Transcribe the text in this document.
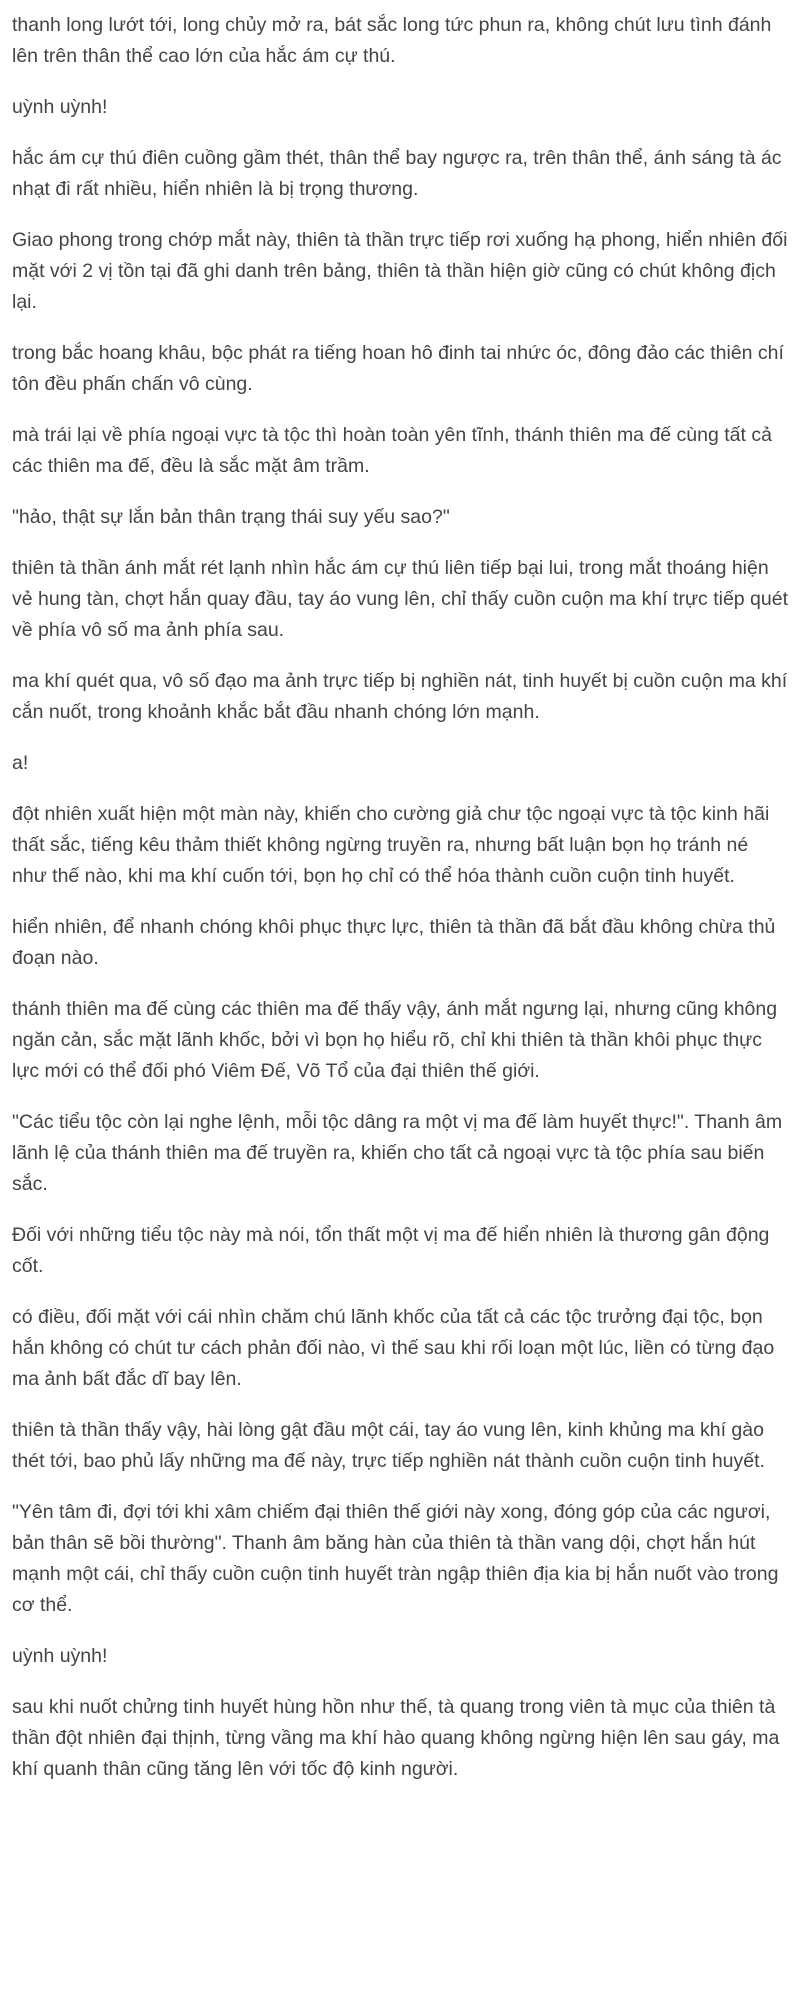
thanh long lướt tới, long chủy mở ra, bát sắc long tức phun ra, không chút lưu tình đánh lên trên thân thể cao lớn của hắc ám cự thú.

uỳnh uỳnh!

hắc ám cự thú điên cuồng gầm thét, thân thể bay ngược ra, trên thân thể, ánh sáng tà ác nhạt đi rất nhiều, hiển nhiên là bị trọng thương.

Giao phong trong chớp mắt này, thiên tà thần trực tiếp rơi xuống hạ phong, hiển nhiên đối mặt với 2 vị tồn tại đã ghi danh trên bảng, thiên tà thần hiện giờ cũng có chút không địch lại.

trong bắc hoang khâu, bộc phát ra tiếng hoan hô đinh tai nhức óc, đông đảo các thiên chí tôn đều phấn chấn vô cùng.

mà trái lại về phía ngoại vực tà tộc thì hoàn toàn yên tĩnh, thánh thiên ma đế cùng tất cả các thiên ma đế, đều là sắc mặt âm trầm.

"hảo, thật sự lắn bản thân trạng thái suy yếu sao?"

thiên tà thần ánh mắt rét lạnh nhìn hắc ám cự thú liên tiếp bại lui, trong mắt thoáng hiện vẻ hung tàn, chợt hắn quay đầu, tay áo vung lên, chỉ thấy cuồn cuộn ma khí trực tiếp quét về phía vô số ma ảnh phía sau.

ma khí quét qua, vô số đạo ma ảnh trực tiếp bị nghiền nát, tinh huyết bị cuồn cuộn ma khí cắn nuốt, trong khoảnh khắc bắt đầu nhanh chóng lớn mạnh.

a!

đột nhiên xuất hiện một màn này, khiến cho cường giả chư tộc ngoại vực tà tộc kinh hãi thất sắc, tiếng kêu thảm thiết không ngừng truyền ra, nhưng bất luận bọn họ tránh né như thế nào, khi ma khí cuốn tới, bọn họ chỉ có thể hóa thành cuồn cuộn tinh huyết.

hiển nhiên, để nhanh chóng khôi phục thực lực, thiên tà thần đã bắt đầu không chừa thủ đoạn nào.

thánh thiên ma đế cùng các thiên ma đế thấy vậy, ánh mắt ngưng lại, nhưng cũng không ngăn cản, sắc mặt lãnh khốc, bởi vì bọn họ hiểu rõ, chỉ khi thiên tà thần khôi phục thực lực mới có thể đối phó Viêm Đế, Võ Tổ của đại thiên thế giới.

"Các tiểu tộc còn lại nghe lệnh, mỗi tộc dâng ra một vị ma đế làm huyết thực!". Thanh âm lãnh lệ của thánh thiên ma đế truyền ra, khiến cho tất cả ngoại vực tà tộc phía sau biến sắc.

Đối với những tiểu tộc này mà nói, tổn thất một vị ma đế hiển nhiên là thương gân động cốt.

có điều, đối mặt với cái nhìn chăm chú lãnh khốc của tất cả các tộc trưởng đại tộc, bọn hắn không có chút tư cách phản đối nào, vì thế sau khi rối loạn một lúc, liền có từng đạo ma ảnh bất đắc dĩ bay lên.

thiên tà thần thấy vậy, hài lòng gật đầu một cái, tay áo vung lên, kinh khủng ma khí gào thét tới, bao phủ lấy những ma đế này, trực tiếp nghiền nát thành cuồn cuộn tinh huyết.

"Yên tâm đi, đợi tới khi xâm chiếm đại thiên thế giới này xong, đóng góp của các ngươi, bản thân sẽ bồi thường". Thanh âm băng hàn của thiên tà thần vang dội, chợt hắn hút mạnh một cái, chỉ thấy cuồn cuộn tinh huyết tràn ngập thiên địa kia bị hắn nuốt vào trong cơ thể.

uỳnh uỳnh!

sau khi nuốt chửng tinh huyết hùng hồn như thế, tà quang trong viên tà mục của thiên tà thần đột nhiên đại thịnh, từng vầng ma khí hào quang không ngừng hiện lên sau gáy, ma khí quanh thân cũng tăng lên với tốc độ kinh người.
